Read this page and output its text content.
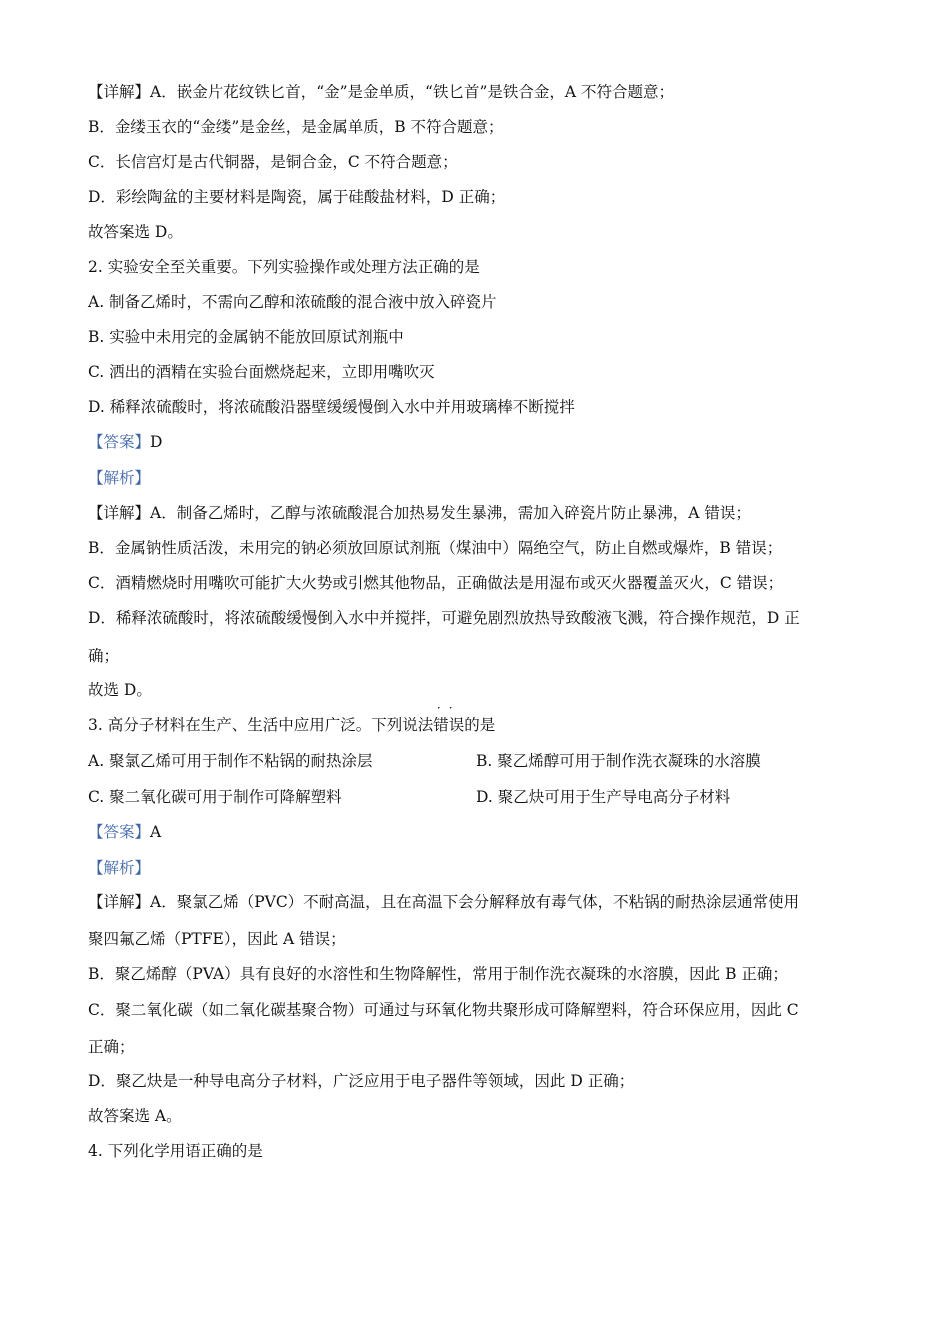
【详解】A．嵌金片花纹铁匕首，“金”是金单质，“铁匕首”是铁合金，A 不符合题意；
B．金缕玉衣的“金缕”是金丝，是金属单质，B 不符合题意；
C．长信宫灯是古代铜器，是铜合金，C 不符合题意；
D．彩绘陶盆的主要材料是陶瓷，属于硅酸盐材料，D 正确；
故答案选 D。
2. 实验安全至关重要。下列实验操作或处理方法正确的是
A. 制备乙烯时，不需向乙醇和浓硫酸的混合液中放入碎瓷片
B. 实验中未用完的金属钠不能放回原试剂瓶中
C. 洒出的酒精在实验台面燃烧起来，立即用嘴吹灭
D. 稀释浓硫酸时，将浓硫酸沿器壁缓缓慢倒入水中并用玻璃棒不断搅拌
【答案】D
【解析】
【详解】A．制备乙烯时，乙醇与浓硫酸混合加热易发生暴沸，需加入碎瓷片防止暴沸，A 错误；
B．金属钠性质活泼，未用完的钠必须放回原试剂瓶（煤油中）隔绝空气，防止自燃或爆炸，B 错误；
C．酒精燃烧时用嘴吹可能扩大火势或引燃其他物品，正确做法是用湿布或灭火器覆盖灭火，C 错误；
D．稀释浓硫酸时，将浓硫酸缓慢倒入水中并搅拌，可避免剧烈放热导致酸液飞溅，符合操作规范，D 正
确；
故选 D。
3. 高分子材料在生产、生活中应用广泛。下列说法
··
错误的是
A. 聚氯乙烯可用于制作不粘锅的耐热涂层	B. 聚乙烯醇可用于制作洗衣凝珠的水溶膜
C. 聚二氧化碳可用于制作可降解塑料	D. 聚乙炔可用于生产导电高分子材料
【答案】A
【解析】
【详解】A．聚氯乙烯（PVC）不耐高温，且在高温下会分解释放有毒气体，不粘锅的耐热涂层通常使用
聚四氟乙烯（PTFE），因此 A 错误；
B．聚乙烯醇（PVA）具有良好的水溶性和生物降解性，常用于制作洗衣凝珠的水溶膜，因此 B 正确；
C．聚二氧化碳（如二氧化碳基聚合物）可通过与环氧化物共聚形成可降解塑料，符合环保应用，因此 C
正确；
D．聚乙炔是一种导电高分子材料，广泛应用于电子器件等领域，因此 D 正确；
故答案选 A。
4. 下列化学用语正确的是
